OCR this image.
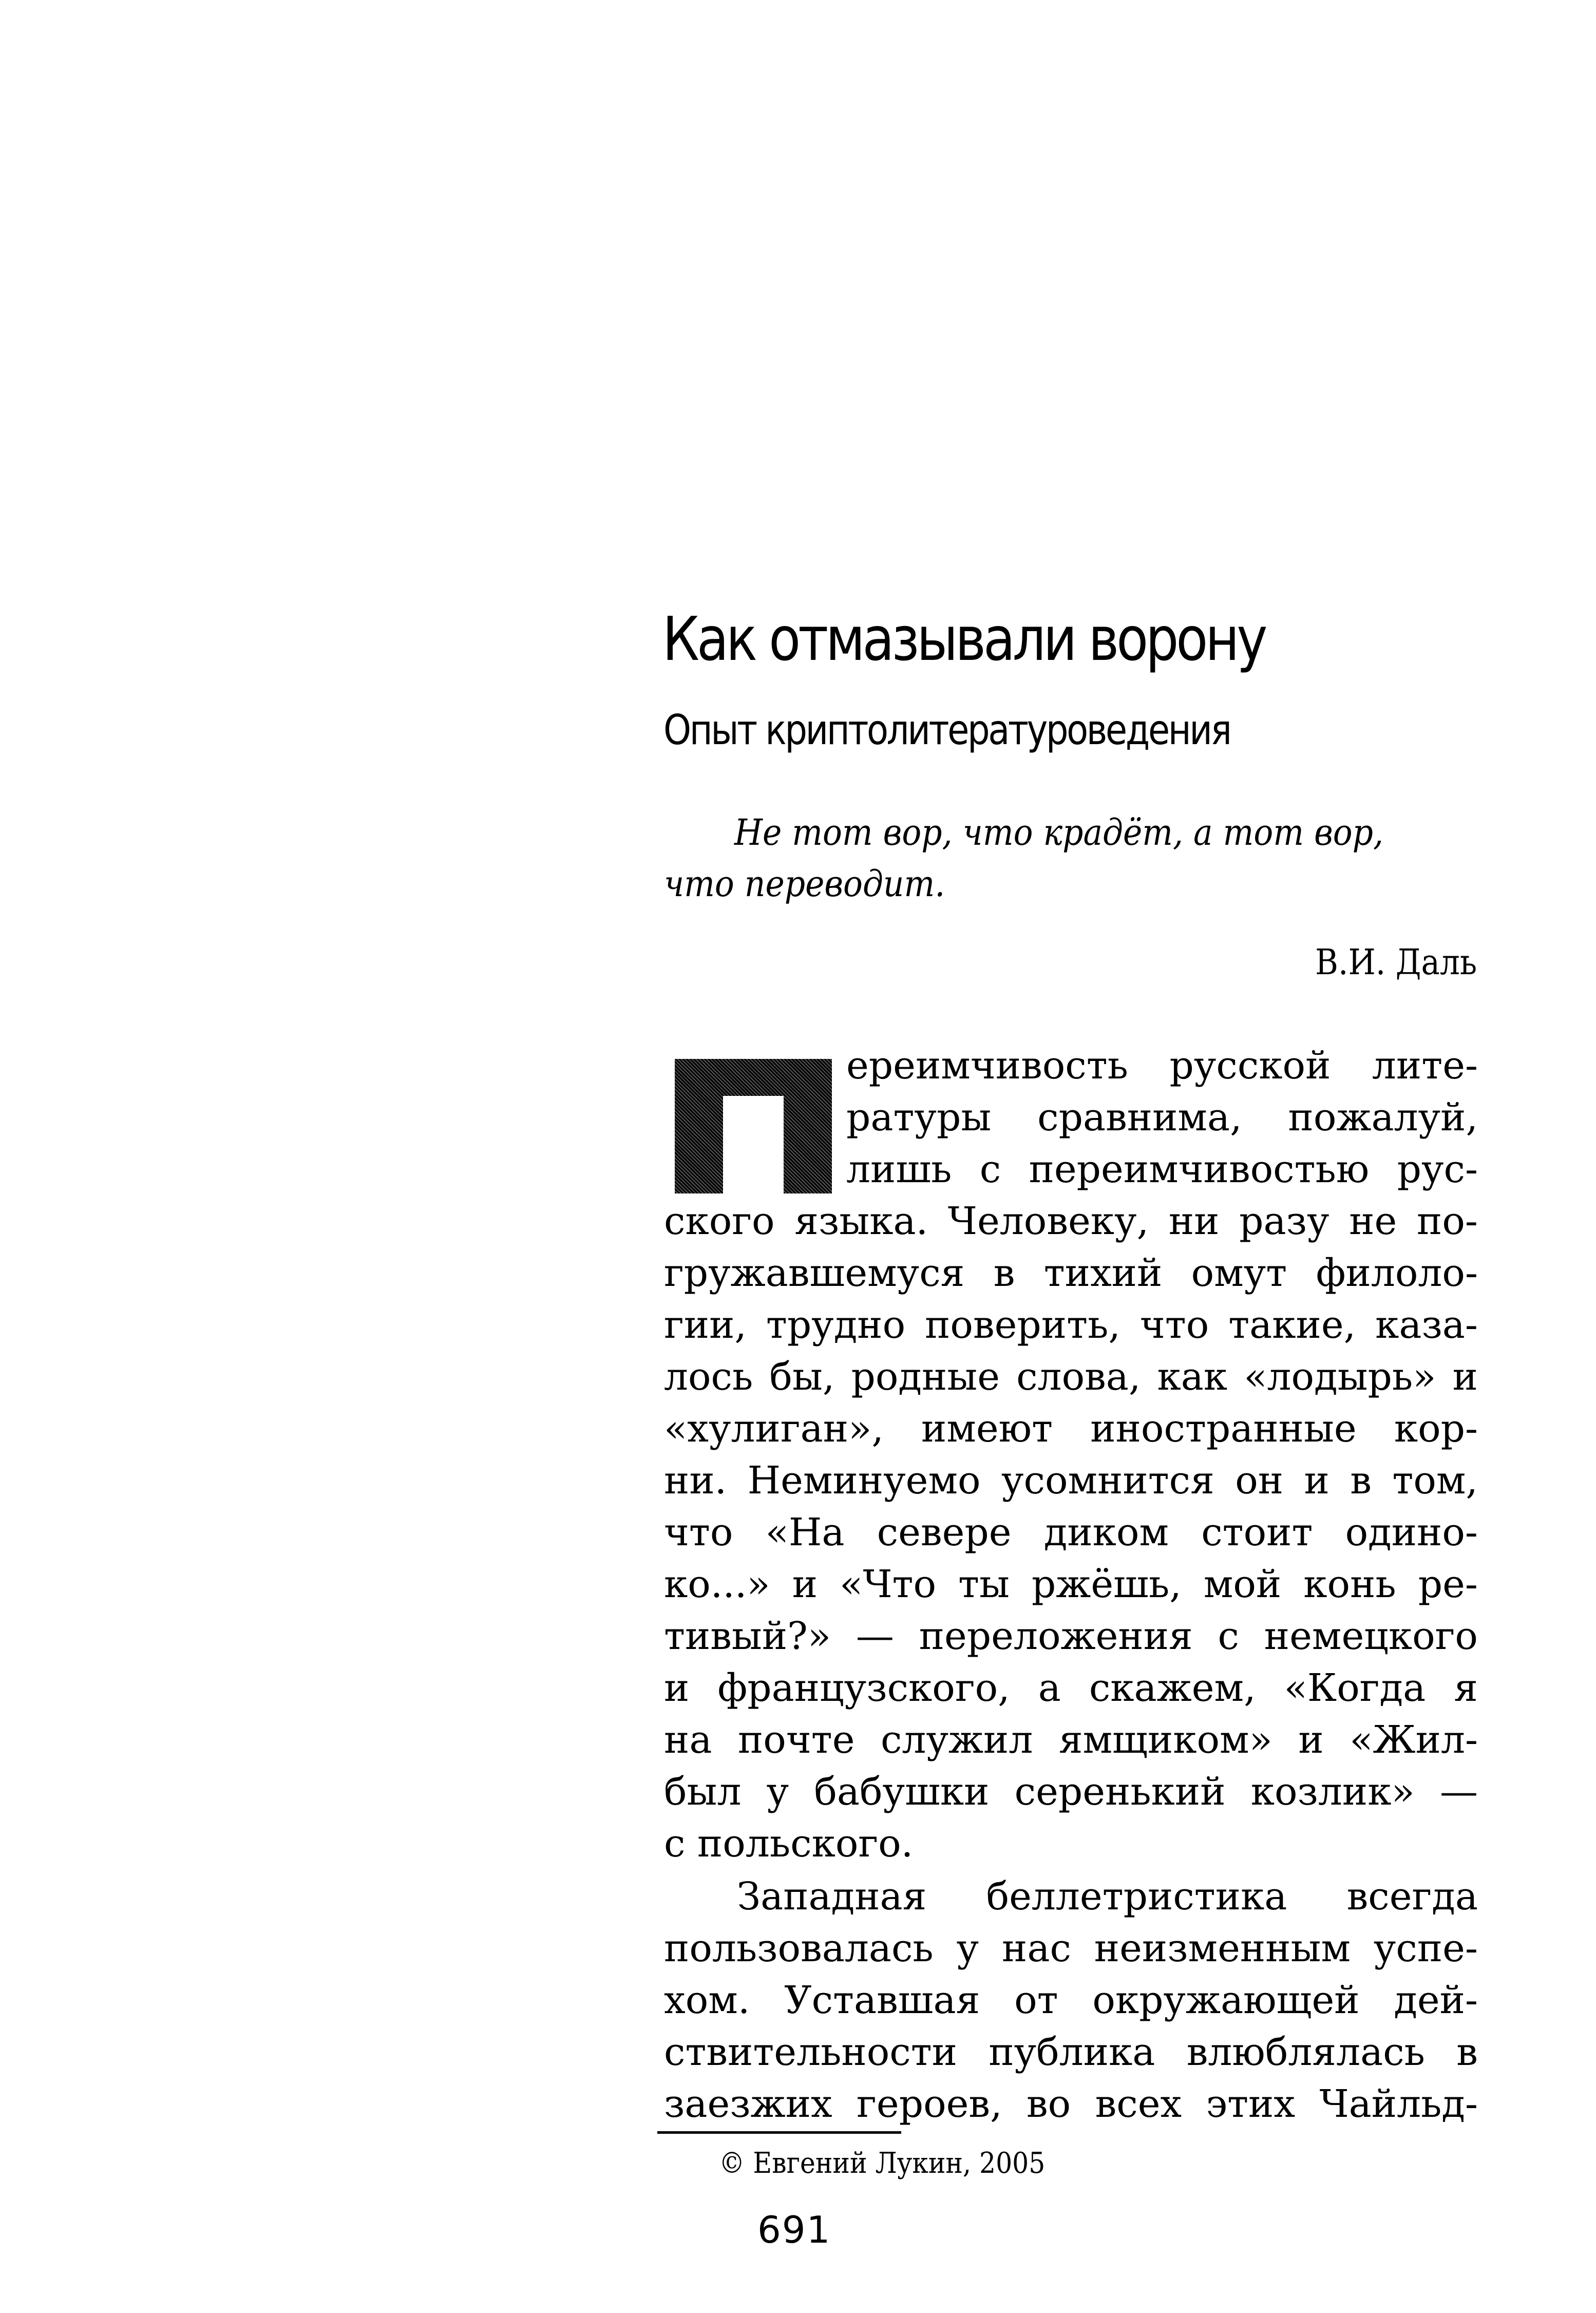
Как отмазывали ворону
Опыт криптолитературоведения
Не тот вор, что крадёт, а тот вор,
что переводит.
В.И. Даль
ереимчивость русской лите-
ратуры сравнима, пожалуй,
лишь с переимчивостью рус-
ского языка. Человеку, ни разу не по-
гружавшемуся в тихий омут филоло-
гии, трудно поверить, что такие, каза-
лось бы, родные слова, как «лодырь» и
«хулиган», имеют иностранные кор-
ни. Неминуемо усомнится он и в том,
что «На севере диком стоит одино-
ко...» и «Что ты ржёшь, мой конь ре-
тивый?» — переложения с немецкого
и французского, а скажем, «Когда я
на почте служил ямщиком» и «Жил-
был у бабушки серенький козлик» —
с польского.
Западная беллетристика всегда
пользовалась у нас неизменным успе-
хом. Уставшая от окружающей дей-
ствительности публика влюблялась в
заезжих героев, во всех этих Чайльд-
© Евгений Лукин, 2005
691
